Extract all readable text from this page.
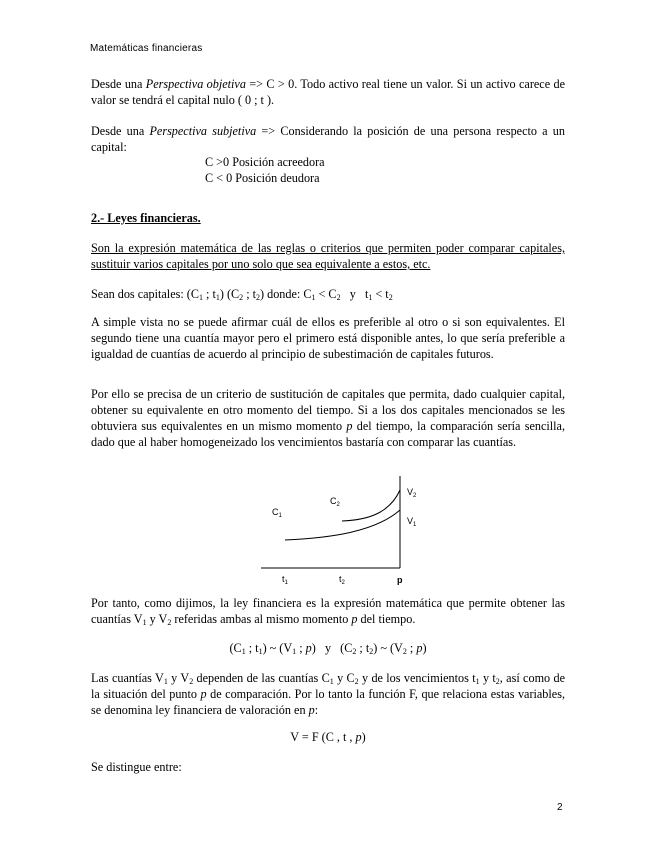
Matemáticas financieras
Desde una Perspectiva objetiva => C > 0. Todo activo real tiene un valor. Si un activo carece de valor se tendrá el capital nulo ( 0 ; t ).
Desde una Perspectiva subjetiva => Considerando la posición de una persona respecto a un capital:
C >0 Posición acreedora
C < 0 Posición deudora
2.- Leyes financieras.
Son la expresión matemática de las reglas o criterios que permiten poder comparar capitales, sustituir varios capitales por uno solo que sea equivalente a estos, etc.
Sean dos capitales: ($C_1$ ; $t_1$) ($C_2$ ; $t_2$) donde: $C_1 < C_2$   y   $t_1 < t_2$
A simple vista no se puede afirmar cuál de ellos es preferible al otro o si son equivalentes. El segundo tiene una cuantía mayor pero el primero está disponible antes, lo que sería preferible a igualdad de cuantías de acuerdo al principio de subestimación de capitales futuros.
Por ello se precisa de un criterio de sustitución de capitales que permita, dado cualquier capital, obtener su equivalente en otro momento del tiempo. Si a los dos capitales mencionados se les obtuviera sus equivalentes en un mismo momento p del tiempo, la comparación sería sencilla, dado que al haber homogeneizado los vencimientos bastaría con comparar las cuantías.
$C_1$
$C_2$
$V_2$
$V_1$
$t_1$	$t_2$	p
Por tanto, como dijimos, la ley financiera es la expresión matemática que permite obtener las cuantías $V_1$ y $V_2$ referidas ambas al mismo momento p del tiempo.
($C_1$ ; $t_1$) ~ ($V_1$ ; p)   y   ($C_2$ ; $t_2$) ~ ($V_2$ ; p)
Las cuantías $V_1$ y $V_2$ dependen de las cuantías $C_1$ y $C_2$ y de los vencimientos $t_1$ y $t_2$, así como de la situación del punto p de comparación. Por lo tanto la función F, que relaciona estas variables, se denomina ley financiera de valoración en p:
V = F (C , t , p)
Se distingue entre:
2
